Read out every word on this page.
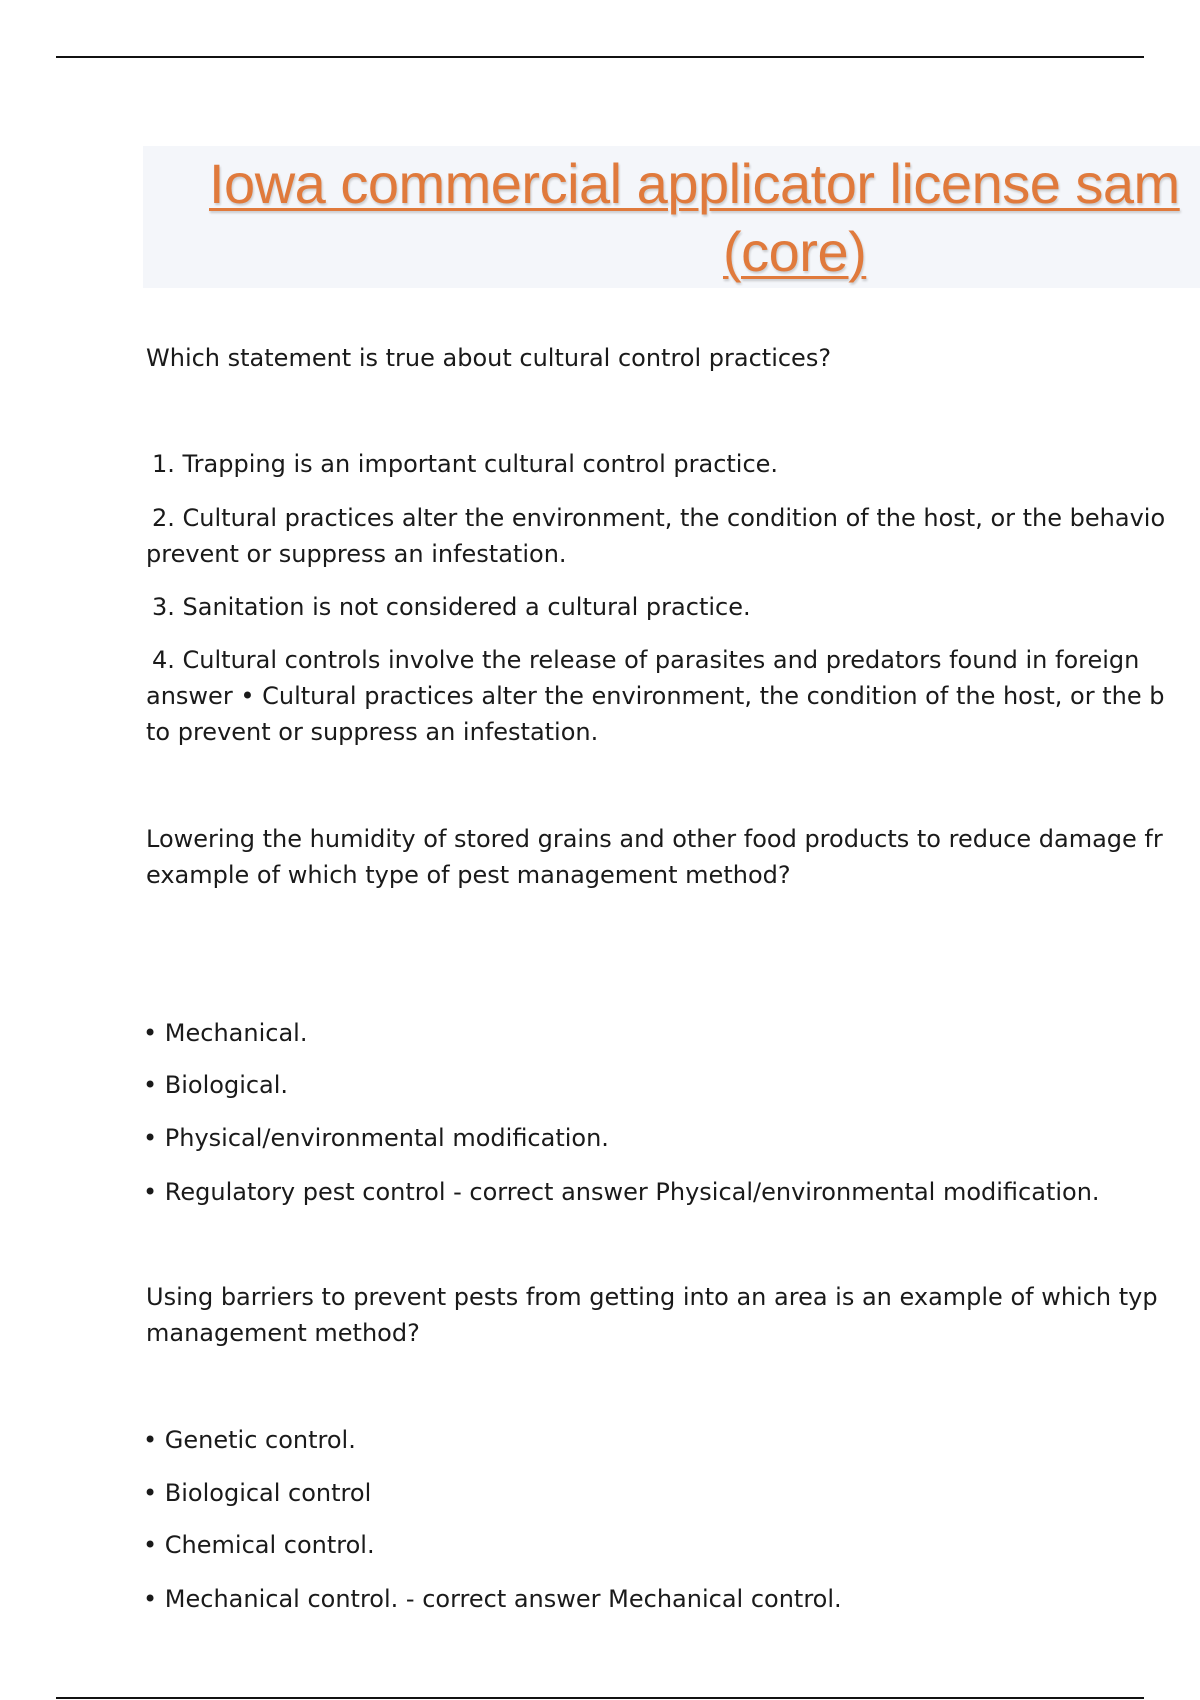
Iowa commercial applicator license sam
(core)
Which statement is true about cultural control practices?
1. Trapping is an important cultural control practice.
2. Cultural practices alter the environment, the condition of the host, or the behavio
prevent or suppress an infestation.
3. Sanitation is not considered a cultural practice.
4. Cultural controls involve the release of parasites and predators found in foreign
answer • Cultural practices alter the environment, the condition of the host, or the b
to prevent or suppress an infestation.
Lowering the humidity of stored grains and other food products to reduce damage fr
example of which type of pest management method?
• Mechanical.
• Biological.
• Physical/environmental modification.
• Regulatory pest control - correct answer Physical/environmental modification.
Using barriers to prevent pests from getting into an area is an example of which typ
management method?
• Genetic control.
• Biological control
• Chemical control.
• Mechanical control. - correct answer Mechanical control.
